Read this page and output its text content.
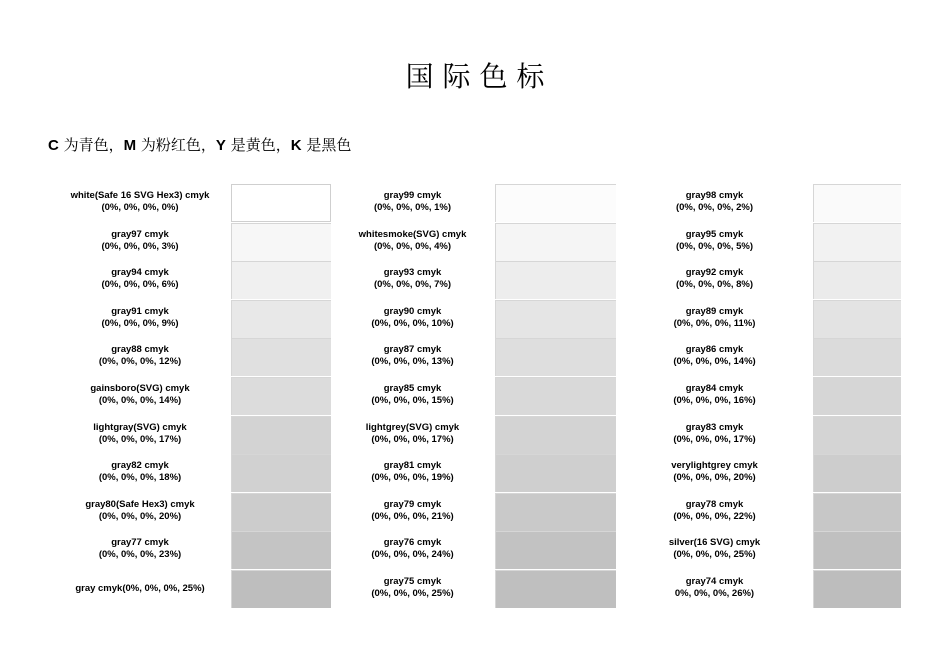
国 际 色 标
C 为青色，M 为粉红色，Y 是黄色，K 是黑色
white(Safe 16 SVG Hex3) cmyk
(0%, 0%, 0%, 0%)
gray97 cmyk
(0%, 0%, 0%, 3%)
gray94 cmyk
(0%, 0%, 0%, 6%)
gray91 cmyk
(0%, 0%, 0%, 9%)
gray88 cmyk
(0%, 0%, 0%, 12%)
gainsboro(SVG) cmyk
(0%, 0%, 0%, 14%)
lightgray(SVG) cmyk
(0%, 0%, 0%, 17%)
gray82 cmyk
(0%, 0%, 0%, 18%)
gray80(Safe Hex3) cmyk
(0%, 0%, 0%, 20%)
gray77 cmyk
(0%, 0%, 0%, 23%)
gray cmyk(0%, 0%, 0%, 25%)
gray99 cmyk
(0%, 0%, 0%, 1%)
whitesmoke(SVG) cmyk
(0%, 0%, 0%, 4%)
gray93 cmyk
(0%, 0%, 0%, 7%)
gray90 cmyk
(0%, 0%, 0%, 10%)
gray87 cmyk
(0%, 0%, 0%, 13%)
gray85 cmyk
(0%, 0%, 0%, 15%)
lightgrey(SVG) cmyk
(0%, 0%, 0%, 17%)
gray81 cmyk
(0%, 0%, 0%, 19%)
gray79 cmyk
(0%, 0%, 0%, 21%)
gray76 cmyk
(0%, 0%, 0%, 24%)
gray75 cmyk
(0%, 0%, 0%, 25%)
gray98 cmyk
(0%, 0%, 0%, 2%)
gray95 cmyk
(0%, 0%, 0%, 5%)
gray92 cmyk
(0%, 0%, 0%, 8%)
gray89 cmyk
(0%, 0%, 0%, 11%)
gray86 cmyk
(0%, 0%, 0%, 14%)
gray84 cmyk
(0%, 0%, 0%, 16%)
gray83 cmyk
(0%, 0%, 0%, 17%)
verylightgrey cmyk
(0%, 0%, 0%, 20%)
gray78 cmyk
(0%, 0%, 0%, 22%)
silver(16 SVG) cmyk
(0%, 0%, 0%, 25%)
gray74 cmyk
0%, 0%, 0%, 26%)
